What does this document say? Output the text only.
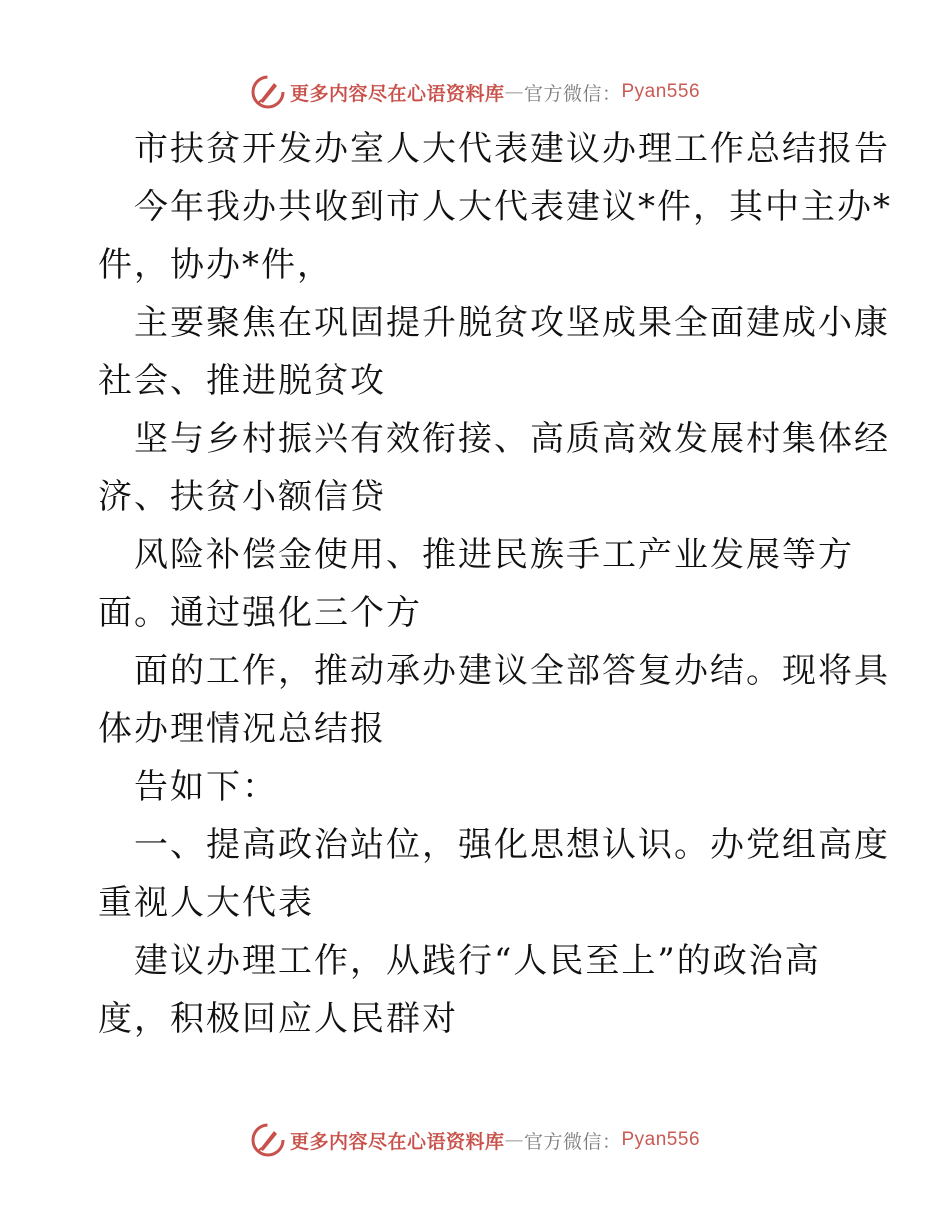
更多内容尽在心语资料库 — 官方微信： Pyan556

市扶贫开发办室人大代表建议办理工作总结报告

今年我办共收到市人大代表建议*件，其中主办*

件，协办*件，

主要聚焦在巩固提升脱贫攻坚成果全面建成小康

社会、推进脱贫攻

坚与乡村振兴有效衔接、高质高效发展村集体经

济、扶贫小额信贷

风险补偿金使用、推进民族手工产业发展等方

面。通过强化三个方

面的工作，推动承办建议全部答复办结。现将具

体办理情况总结报

告如下：

一、提高政治站位，强化思想认识。办党组高度

重视人大代表

建议办理工作，从践行“人民至上”的政治高

度，积极回应人民群对

更多内容尽在心语资料库 — 官方微信： Pyan556
